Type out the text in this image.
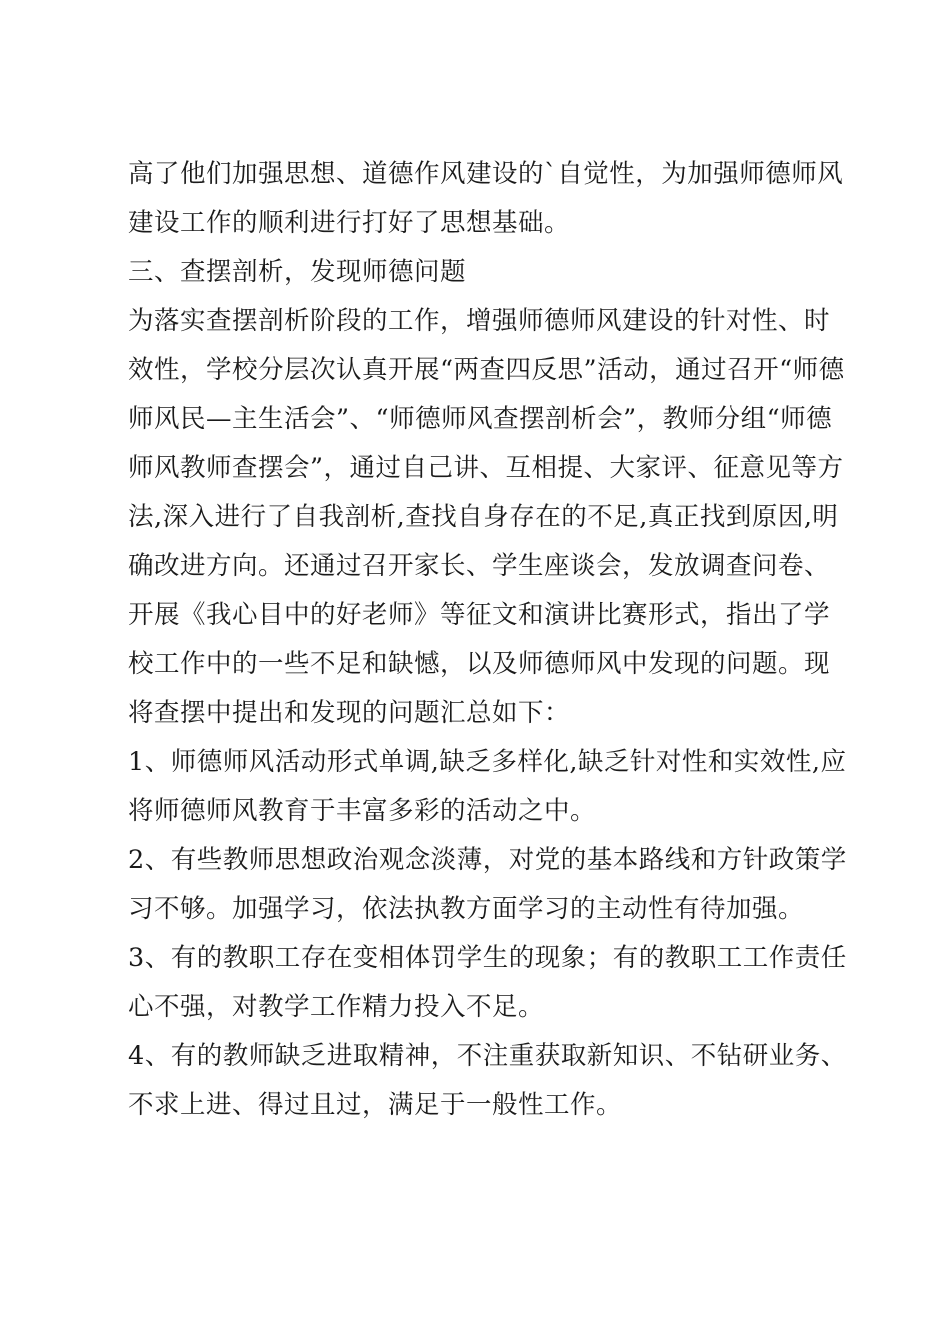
高了他们加强思想、道德作风建设的`自觉性，为加强师德师风建设工作的顺利进行打好了思想基础。

三、查摆剖析，发现师德问题

为落实查摆剖析阶段的工作，增强师德师风建设的针对性、时效性，学校分层次认真开展“两查四反思”活动，通过召开“师德师风民—主生活会”、“师德师风查摆剖析会”，教师分组“师德师风教师查摆会”，通过自己讲、互相提、大家评、征意见等方法,深入进行了自我剖析,查找自身存在的不足,真正找到原因,明确改进方向。还通过召开家长、学生座谈会，发放调查问卷、开展《我心目中的好老师》等征文和演讲比赛形式，指出了学校工作中的一些不足和缺憾，以及师德师风中发现的问题。现将查摆中提出和发现的问题汇总如下：

1、师德师风活动形式单调,缺乏多样化,缺乏针对性和实效性,应将师德师风教育于丰富多彩的活动之中。

2、有些教师思想政治观念淡薄，对党的基本路线和方针政策学习不够。加强学习，依法执教方面学习的主动性有待加强。

3、有的教职工存在变相体罚学生的现象；有的教职工工作责任心不强，对教学工作精力投入不足。

4、有的教师缺乏进取精神，不注重获取新知识、不钻研业务、不求上进、得过且过，满足于一般性工作。
